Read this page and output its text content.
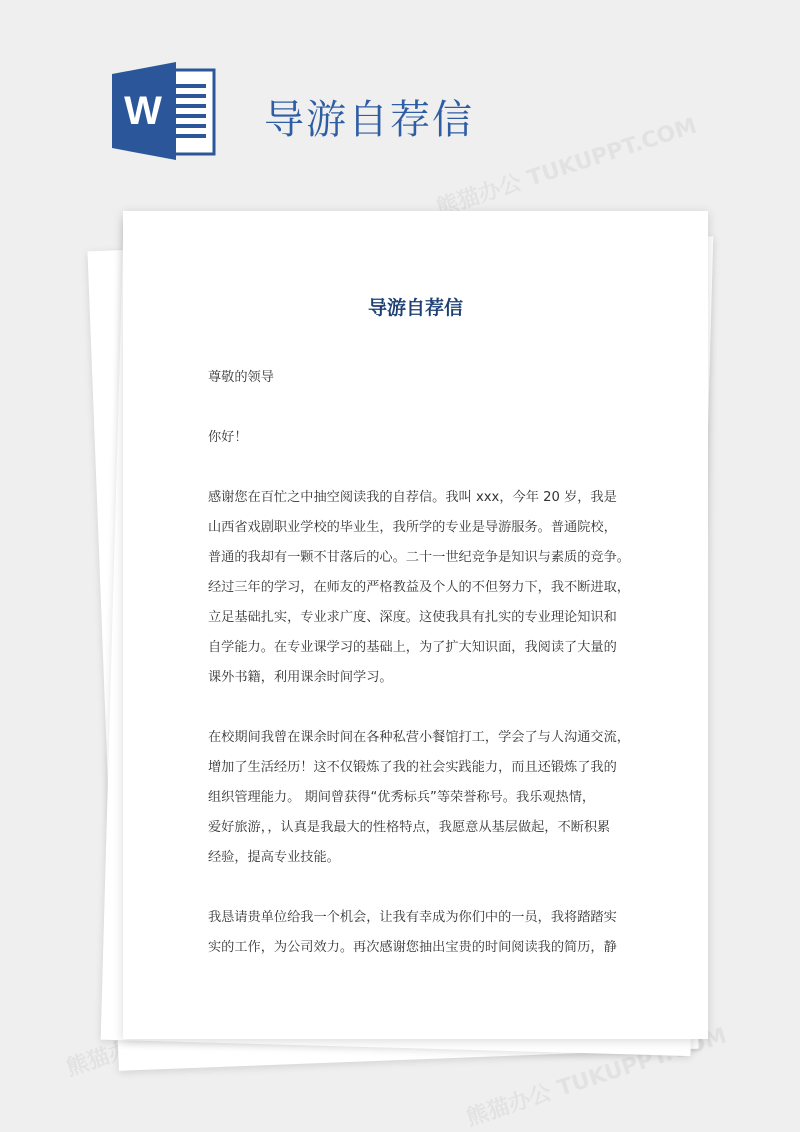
W	导游自荐信
熊猫办公 TUKUPPT.COM
熊猫办公	熊猫办公 TUKUPPT.COM
导游自荐信

尊敬的领导

你好！

感谢您在百忙之中抽空阅读我的自荐信。我叫 xxx，今年 20 岁，我是
山西省戏剧职业学校的毕业生，我所学的专业是导游服务。普通院校，
普通的我却有一颗不甘落后的心。二十一世纪竞争是知识与素质的竞争。
经过三年的学习，在师友的严格教益及个人的不但努力下，我不断进取，
立足基础扎实，专业求广度、深度。这使我具有扎实的专业理论知识和
自学能力。在专业课学习的基础上，为了扩大知识面，我阅读了大量的
课外书籍，利用课余时间学习。

在校期间我曾在课余时间在各种私营小餐馆打工，学会了与人沟通交流，
增加了生活经历！这不仅锻炼了我的社会实践能力，而且还锻炼了我的
组织管理能力。 期间曾获得“优秀标兵”等荣誉称号。我乐观热情，
爱好旅游，，认真是我最大的性格特点，我愿意从基层做起，不断积累
经验，提高专业技能。

我恳请贵单位给我一个机会，让我有幸成为你们中的一员，我将踏踏实
实的工作，为公司效力。再次感谢您抽出宝贵的时间阅读我的简历，静
